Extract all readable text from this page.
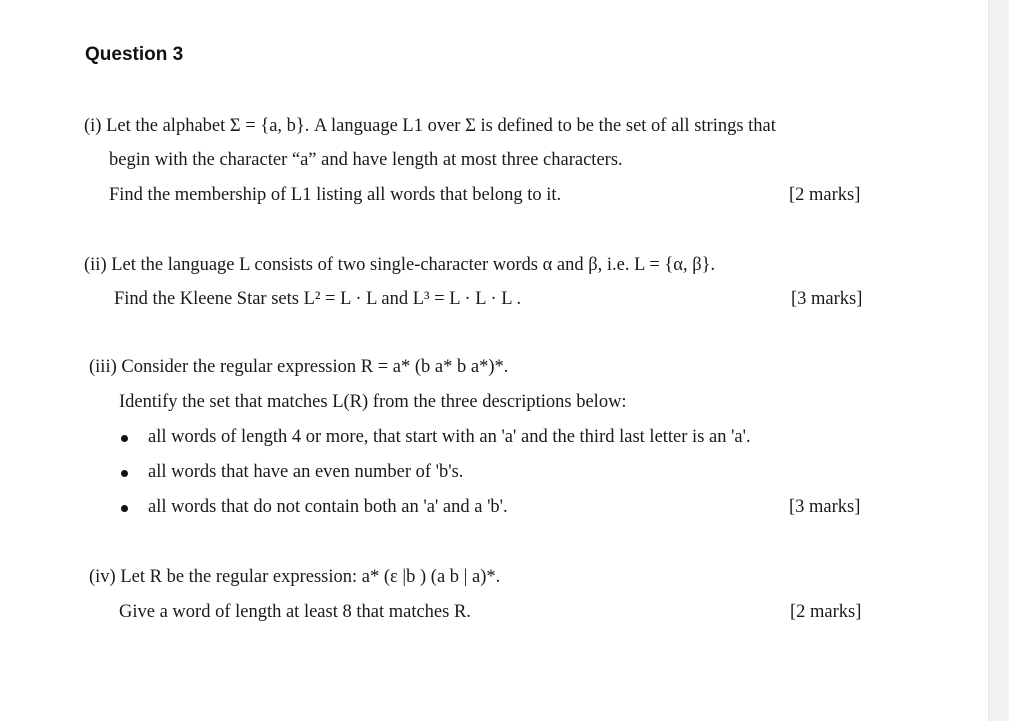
Question 3
(i) Let the alphabet Σ = {a, b}. A language L1 over Σ is defined to be the set of all strings that
begin with the character “a” and have length at most three characters.
Find the membership of L1 listing all words that belong to it.	[2 marks]
(ii) Let the language L consists of two single-character words α and β, i.e. L = {α, β}.
Find the Kleene Star sets L² = L · L and L³ = L · L · L .	[3 marks]
(iii) Consider the regular expression R = a* (b a* b a*)*.
Identify the set that matches L(R) from the three descriptions below:
all words of length 4 or more, that start with an 'a' and the third last letter is an 'a'.
all words that have an even number of 'b's.
all words that do not contain both an 'a' and a 'b'.	[3 marks]
(iv) Let R be the regular expression: a* (ε |b ) (a b | a)*.
Give a word of length at least 8 that matches R.	[2 marks]
